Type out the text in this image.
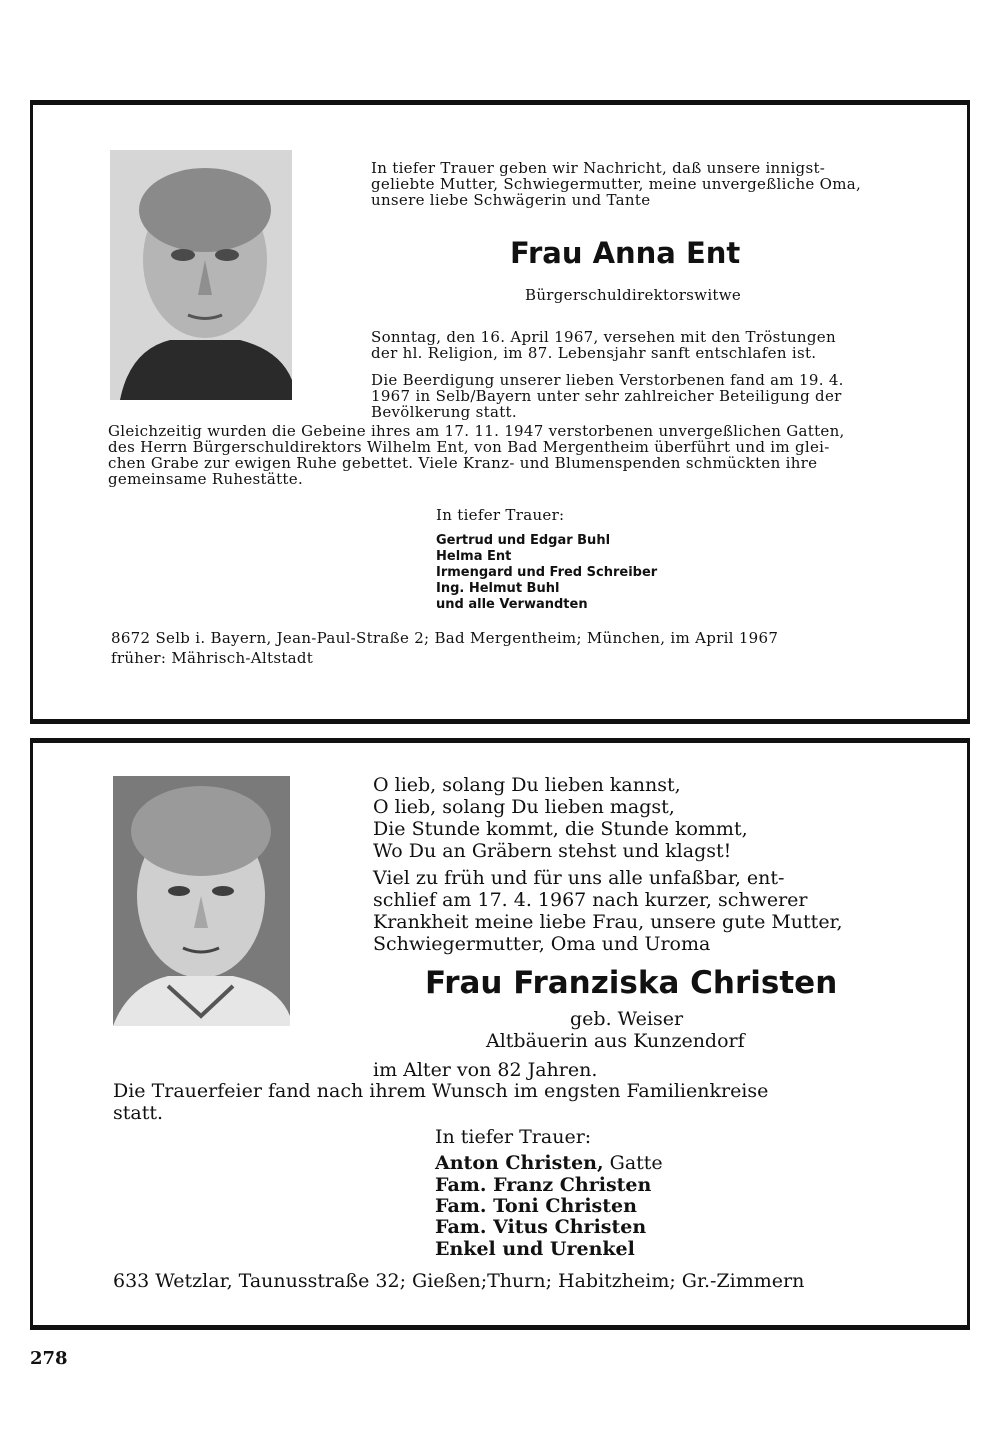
In tiefer Trauer geben wir Nachricht, daß unsere innigst-

geliebte Mutter, Schwiegermutter, meine unvergeßliche Oma,

unsere liebe Schwägerin und Tante

Frau Anna Ent

Bürgerschuldirektorswitwe

Sonntag, den 16. April 1967, versehen mit den Tröstungen

der hl. Religion, im 87. Lebensjahr sanft entschlafen ist.

Die Beerdigung unserer lieben Verstorbenen fand am 19. 4.

1967 in Selb/Bayern unter sehr zahlreicher Beteiligung der

Bevölkerung statt.

Gleichzeitig wurden die Gebeine ihres am 17. 11. 1947 verstorbenen unvergeßlichen Gatten,

des Herrn Bürgerschuldirektors Wilhelm Ent, von Bad Mergentheim überführt und im glei-

chen Grabe zur ewigen Ruhe gebettet. Viele Kranz- und Blumenspenden schmückten ihre

gemeinsame Ruhestätte.

In tiefer Trauer:

Gertrud und Edgar Buhl

Helma Ent

Irmengard und Fred Schreiber

Ing. Helmut Buhl

und alle Verwandten

8672 Selb i. Bayern, Jean-Paul-Straße 2; Bad Mergentheim; München, im April 1967

früher: Mährisch-Altstadt

O lieb, solang Du lieben kannst,

O lieb, solang Du lieben magst,

Die Stunde kommt, die Stunde kommt,

Wo Du an Gräbern stehst und klagst!

Viel zu früh und für uns alle unfaßbar, ent-

schlief am 17. 4. 1967 nach kurzer, schwerer

Krankheit meine liebe Frau, unsere gute Mutter,

Schwiegermutter, Oma und Uroma

Frau Franziska Christen

geb. Weiser

Altbäuerin aus Kunzendorf

im Alter von 82 Jahren.

Die Trauerfeier fand nach ihrem Wunsch im engsten Familienkreise

statt.

In tiefer Trauer:

Anton Christen, Gatte

Fam. Franz Christen

Fam. Toni Christen

Fam. Vitus Christen

Enkel und Urenkel

633 Wetzlar, Taunusstraße 32; Gießen;Thurn; Habitzheim; Gr.-Zimmern

278
